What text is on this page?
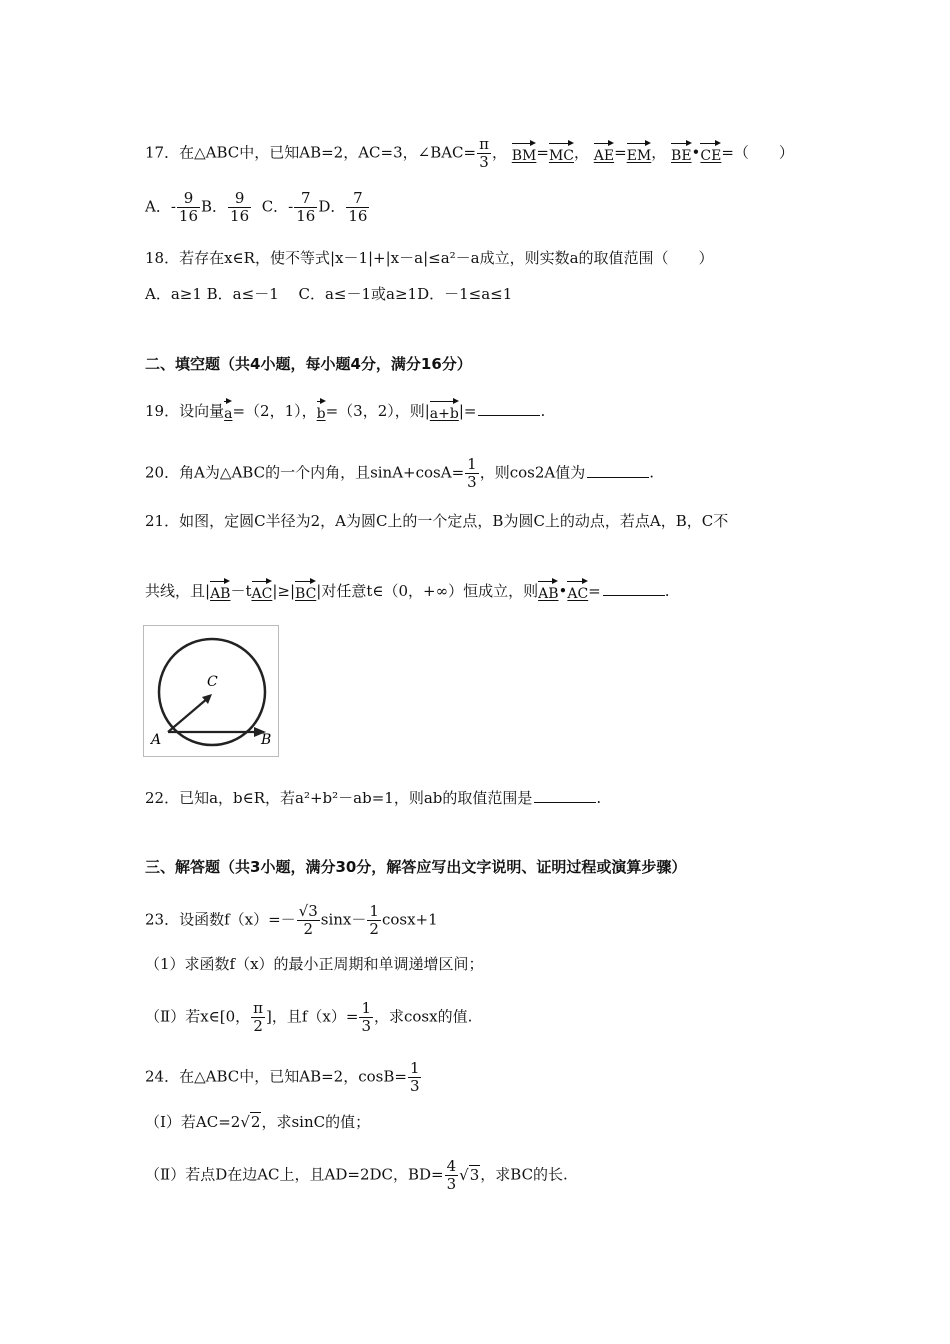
17．在△ABC中，已知AB=2，AC=3，∠BAC= $\frac{\pi}{3}$ ， BM=MC， AE=EM， BE•CE=（　　）
A．- $\frac{9}{16}$ B． $\frac{9}{16}$ C．- $\frac{7}{16}$ D． $\frac{7}{16}$
18．若存在x∈R，使不等式|x－1|+|x－a|≤a²－a成立，则实数a的取值范围（　　）
A．a≥1 B．a≤－1　 C．a≤－1或a≥1D．－1≤a≤1
二、填空题（共4小题，每小题4分，满分16分）
19．设向量a=（2，1），b=（3，2），则|a+b|=	.
20．角A为△ABC的一个内角，且$\sin A+\cos A= \frac{1}{3}$ ，则cos2A值为	.
21．如图，定圆C半径为2，A为圆C上的一个定点，B为圆C上的动点，若点A，B，C不
共线，且|AB－tAC|≥|BC|对任意t∈（0，+∞）恒成立，则AB•AC=	.
A	B
C
22．已知a，b∈R，若a²+b²－ab=1，则ab的取值范围是	.
三、解答题（共3小题，满分30分，解答应写出文字说明、证明过程或演算步骤）
23．设函数$f(x)=- \frac{√3}{2} \sin x- \frac{1}{2} \cos x+1$
（1）求函数f（x）的最小正周期和单调递增区间；
（Ⅱ）若x∈[0， $\frac{\pi}{2}$ ]，且$f(x)= \frac{1}{3}$ ，求cosx的值.
24．在△ABC中，已知AB=2，$\cos B= \frac{1}{3}$
（Ⅰ）若AC=2√2，求sinC的值；
（Ⅱ）若点D在边AC上，且AD=2DC，$BD= \frac{4}{3} √3$，求BC的长.
